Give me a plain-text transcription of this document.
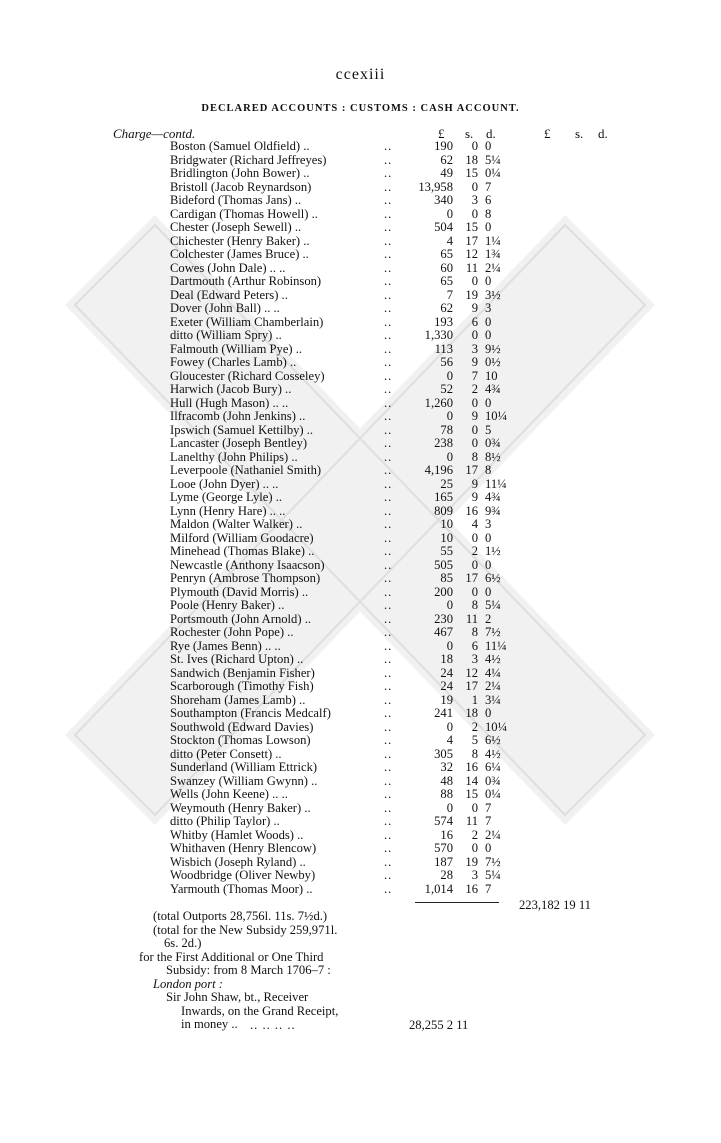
ccexiii
DECLARED ACCOUNTS : CUSTOMS : CASH ACCOUNT.
Charge—contd.	£ s. d.	£ s. d.
Boston (Samuel Oldfield) ..	..	190 0 0
Bridgwater (Richard Jeffreyes)	..	62 18 5¼
Bridlington (John Bower) ..	..	49 15 0¼
Bristoll (Jacob Reynardson)	.. 13,958 0 7
Bideford (Thomas Jans) ..	..	340 3 6
Cardigan (Thomas Howell) ..	..	0 0 8
Chester (Joseph Sewell) ..	..	504 15 0
Chichester (Henry Baker) ..	..	4 17 1¼
Colchester (James Bruce) ..	..	65 12 1¾
Cowes (John Dale) .. ..	..	60 11 2¼
Dartmouth (Arthur Robinson)	..	65 0 0
Deal (Edward Peters) ..	..	7 19 3½
Dover (John Ball) .. ..	..	62 9 3
Exeter (William Chamberlain)	..	193 6 0
ditto (William Spry) ..	..	1,330 0 0
Falmouth (William Pye) ..	..	113 3 9½
Fowey (Charles Lamb) ..	..	56 9 0½
Gloucester (Richard Cosseley)	..	0 7 10
Harwich (Jacob Bury) ..	..	52 2 4¾
Hull (Hugh Mason) .. ..	..	1,260 0 0
Ilfracomb (John Jenkins) ..	..	0 9 10¼
Ipswich (Samuel Kettilby) ..	..	78 0 5
Lancaster (Joseph Bentley)	..	238 0 0¾
Lanelthy (John Philips) ..	..	0 8 8½
Leverpoole (Nathaniel Smith)	..	4,196 17 8
Looe (John Dyer) .. ..	..	25 9 11¼
Lyme (George Lyle) ..	..	165 9 4¾
Lynn (Henry Hare) .. ..	..	809 16 9¾
Maldon (Walter Walker) ..	..	10 4 3
Milford (William Goodacre)	..	10 0 0
Minehead (Thomas Blake) ..	..	55 2 1½
Newcastle (Anthony Isaacson)	..	505 0 0
Penryn (Ambrose Thompson)	..	85 17 6½
Plymouth (David Morris) ..	..	200 0 0
Poole (Henry Baker) ..	..	0 8 5¼
Portsmouth (John Arnold) ..	..	230 11 2
Rochester (John Pope) ..	..	467 8 7½
Rye (James Benn) .. ..	..	0 6 11¼
St. Ives (Richard Upton) ..	..	18 3 4½
Sandwich (Benjamin Fisher)	..	24 12 4¼
Scarborough (Timothy Fish)	..	24 17 2¼
Shoreham (James Lamb) ..	..	19 1 3¼
Southampton (Francis Medcalf)	..	241 18 0
Southwold (Edward Davies)	..	0 2 10¼
Stockton (Thomas Lowson)	..	4 5 6½
ditto (Peter Consett) ..	..	305 8 4½
Sunderland (William Ettrick)	..	32 16 6¼
Swanzey (William Gwynn) ..	..	48 14 0¾
Wells (John Keene) .. ..	..	88 15 0¼
Weymouth (Henry Baker) ..	..	0 0 7
ditto (Philip Taylor) ..	..	574 11 7
Whitby (Hamlet Woods) ..	..	16 2 2¼
Whithaven (Henry Blencow)	..	570 0 0
Wisbich (Joseph Ryland) ..	..	187 19 7½
Woodbridge (Oliver Newby)	..	28 3 5¼
Yarmouth (Thomas Moor) ..	..	1,014 16 7
223,182 19 11
(total Outports 28,756l. 11s. 7½d.)
(total for the New Subsidy 259,971l.
6s. 2d.)
for the First Additional or One Third
Subsidy: from 8 March 1706–7 :
London port :
Sir John Shaw, bt., Receiver
Inwards, on the Grand Receipt,
in money .. .. .. .. ..	28,255 2 11
